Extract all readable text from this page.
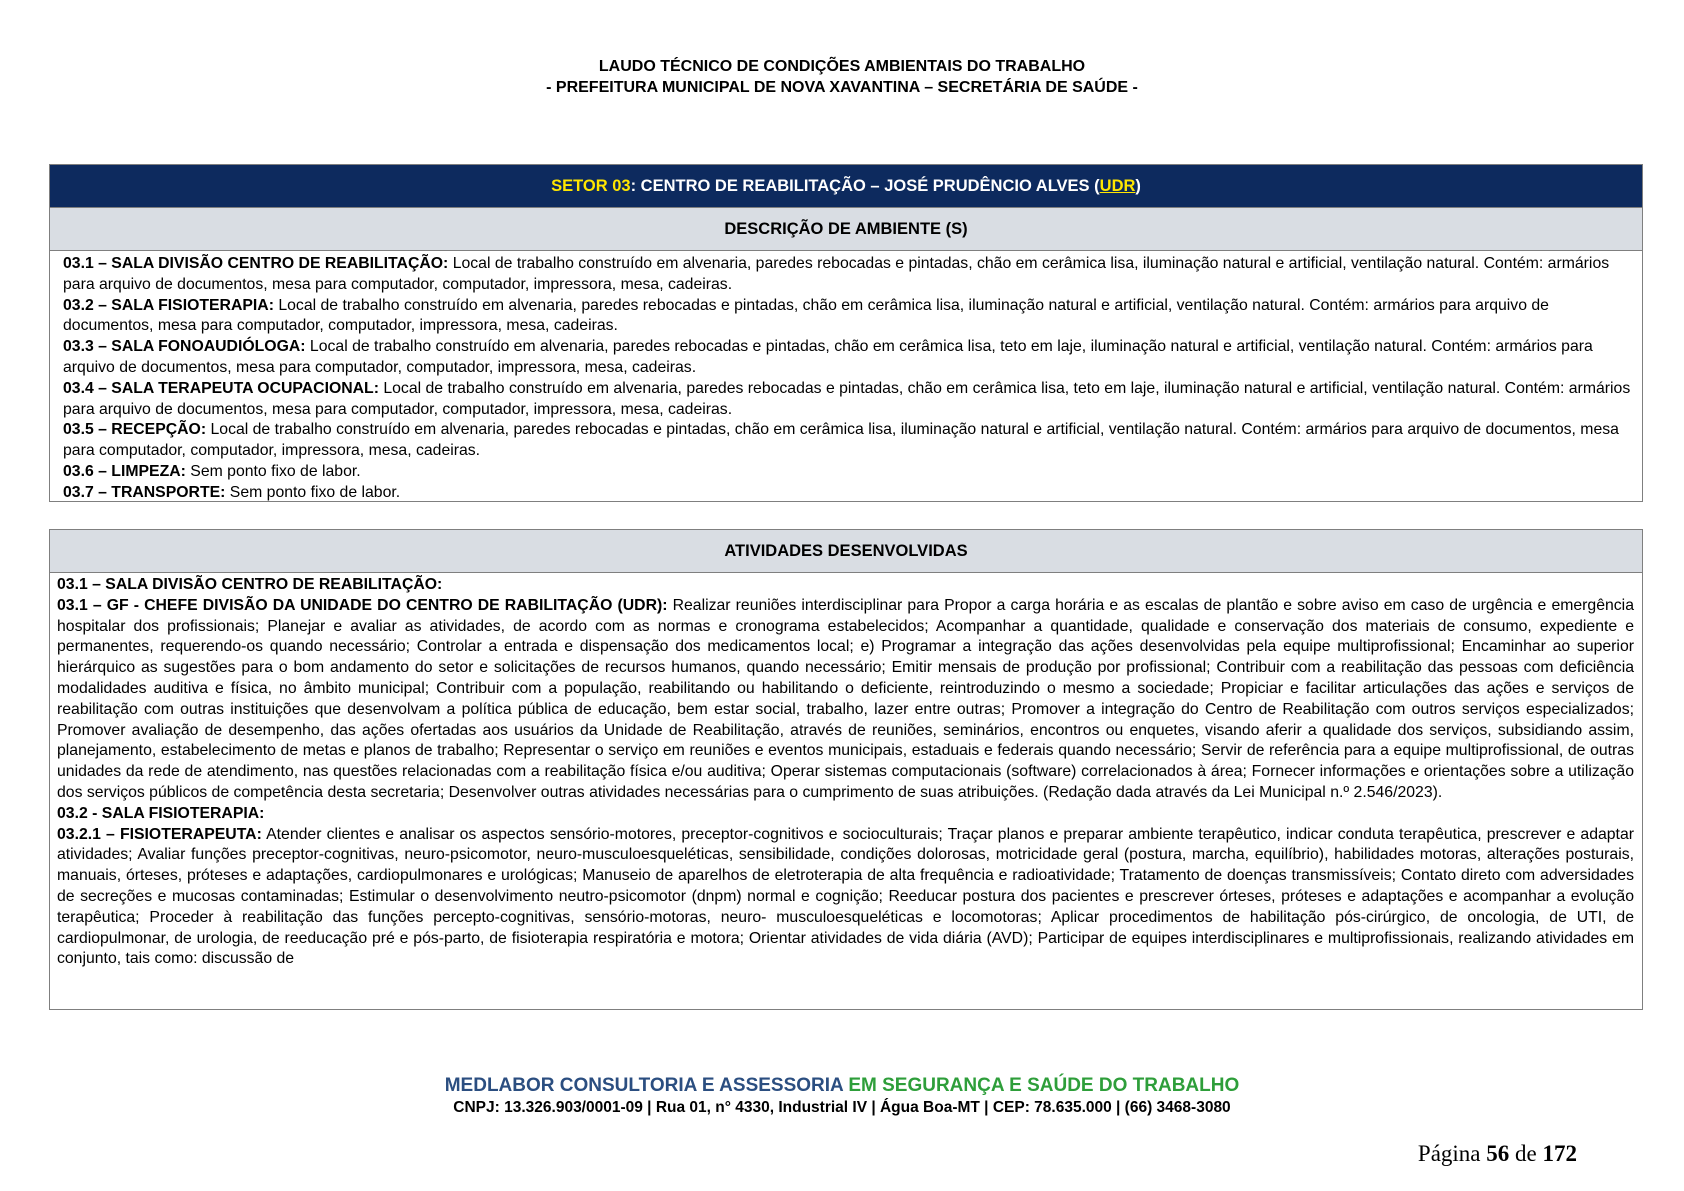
LAUDO TÉCNICO DE CONDIÇÕES AMBIENTAIS DO TRABALHO
- PREFEITURA MUNICIPAL DE NOVA XAVANTINA – SECRETÁRIA DE SAÚDE -
SETOR 03 : CENTRO DE REABILITAÇÃO – JOSÉ PRUDÊNCIO ALVES ( UDR )
DESCRIÇÃO DE AMBIENTE (S)

03.1 – SALA DIVISÃO CENTRO DE REABILITAÇÃO: Local de trabalho construído em alvenaria, paredes rebocadas e pintadas, chão em cerâmica lisa, iluminação natural e artificial, ventilação natural. Contém: armários para arquivo de documentos, mesa para computador, computador, impressora, mesa, cadeiras.

03.2 – SALA FISIOTERAPIA: Local de trabalho construído em alvenaria, paredes rebocadas e pintadas, chão em cerâmica lisa, iluminação natural e artificial, ventilação natural. Contém: armários para arquivo de documentos, mesa para computador, computador, impressora, mesa, cadeiras.

03.3 – SALA FONOAUDIÓLOGA: Local de trabalho construído em alvenaria, paredes rebocadas e pintadas, chão em cerâmica lisa, teto em laje, iluminação natural e artificial, ventilação natural. Contém: armários para arquivo de documentos, mesa para computador, computador, impressora, mesa, cadeiras.

03.4 – SALA TERAPEUTA OCUPACIONAL: Local de trabalho construído em alvenaria, paredes rebocadas e pintadas, chão em cerâmica lisa, teto em laje, iluminação natural e artificial, ventilação natural. Contém: armários para arquivo de documentos, mesa para computador, computador, impressora, mesa, cadeiras.

03.5 – RECEPÇÃO: Local de trabalho construído em alvenaria, paredes rebocadas e pintadas, chão em cerâmica lisa, iluminação natural e artificial, ventilação natural. Contém: armários para arquivo de documentos, mesa para computador, computador, impressora, mesa, cadeiras.

03.6 – LIMPEZA: Sem ponto fixo de labor.

03.7 – TRANSPORTE: Sem ponto fixo de labor.

ATIVIDADES DESENVOLVIDAS

03.1 – SALA DIVISÃO CENTRO DE REABILITAÇÃO:

03.1 – GF - CHEFE DIVISÃO DA UNIDADE DO CENTRO DE RABILITAÇÃO (UDR): Realizar reuniões interdisciplinar para Propor a carga horária e as escalas de plantão e sobre aviso em caso de urgência e emergência hospitalar dos profissionais; Planejar e avaliar as atividades, de acordo com as normas e cronograma estabelecidos; Acompanhar a quantidade, qualidade e conservação dos materiais de consumo, expediente e permanentes, requerendo-os quando necessário; Controlar a entrada e dispensação dos medicamentos local; e) Programar a integração das ações desenvolvidas pela equipe multiprofissional; Encaminhar ao superior hierárquico as sugestões para o bom andamento do setor e solicitações de recursos humanos, quando necessário; Emitir mensais de produção por profissional; Contribuir com a reabilitação das pessoas com deficiência modalidades auditiva e física, no âmbito municipal; Contribuir com a população, reabilitando ou habilitando o deficiente, reintroduzindo o mesmo a sociedade; Propiciar e facilitar articulações das ações e serviços de reabilitação com outras instituições que desenvolvam a política pública de educação, bem estar social, trabalho, lazer entre outras; Promover a integração do Centro de Reabilitação com outros serviços especializados; Promover avaliação de desempenho, das ações ofertadas aos usuários da Unidade de Reabilitação, através de reuniões, seminários, encontros ou enquetes, visando aferir a qualidade dos serviços, subsidiando assim, planejamento, estabelecimento de metas e planos de trabalho; Representar o serviço em reuniões e eventos municipais, estaduais e federais quando necessário; Servir de referência para a equipe multiprofissional, de outras unidades da rede de atendimento, nas questões relacionadas com a reabilitação física e/ou auditiva; Operar sistemas computacionais (software) correlacionados à área; Fornecer informações e orientações sobre a utilização dos serviços públicos de competência desta secretaria; Desenvolver outras atividades necessárias para o cumprimento de suas atribuições. (Redação dada através da Lei Municipal n.º 2.546/2023).

03.2 - SALA FISIOTERAPIA:

03.2.1 – FISIOTERAPEUTA: Atender clientes e analisar os aspectos sensório-motores, preceptor-cognitivos e socioculturais; Traçar planos e preparar ambiente terapêutico, indicar conduta terapêutica, prescrever e adaptar atividades; Avaliar funções preceptor-cognitivas, neuro-psicomotor, neuro-musculoesqueléticas, sensibilidade, condições dolorosas, motricidade geral (postura, marcha, equilíbrio), habilidades motoras, alterações posturais, manuais, órteses, próteses e adaptações, cardiopulmonares e urológicas; Manuseio de aparelhos de eletroterapia de alta frequência e radioatividade; Tratamento de doenças transmissíveis; Contato direto com adversidades de secreções e mucosas contaminadas; Estimular o desenvolvimento neutro-psicomotor (dnpm) normal e cognição; Reeducar postura dos pacientes e prescrever órteses, próteses e adaptações e acompanhar a evolução terapêutica; Proceder à reabilitação das funções percepto-cognitivas, sensório-motoras, neuro- musculoesqueléticas e locomotoras; Aplicar procedimentos de habilitação pós-cirúrgico, de oncologia, de UTI, de cardiopulmonar, de urologia, de reeducação pré e pós-parto, de fisioterapia respiratória e motora; Orientar atividades de vida diária (AVD); Participar de equipes interdisciplinares e multiprofissionais, realizando atividades em conjunto, tais como: discussão de

MEDLABOR CONSULTORIA E ASSESSORIA EM SEGURANÇA E SAÚDE DO TRABALHO
CNPJ: 13.326.903/0001-09 | Rua 01, n° 4330, Industrial IV | Água Boa-MT | CEP: 78.635.000 | (66) 3468-3080
Página 56 de 172
